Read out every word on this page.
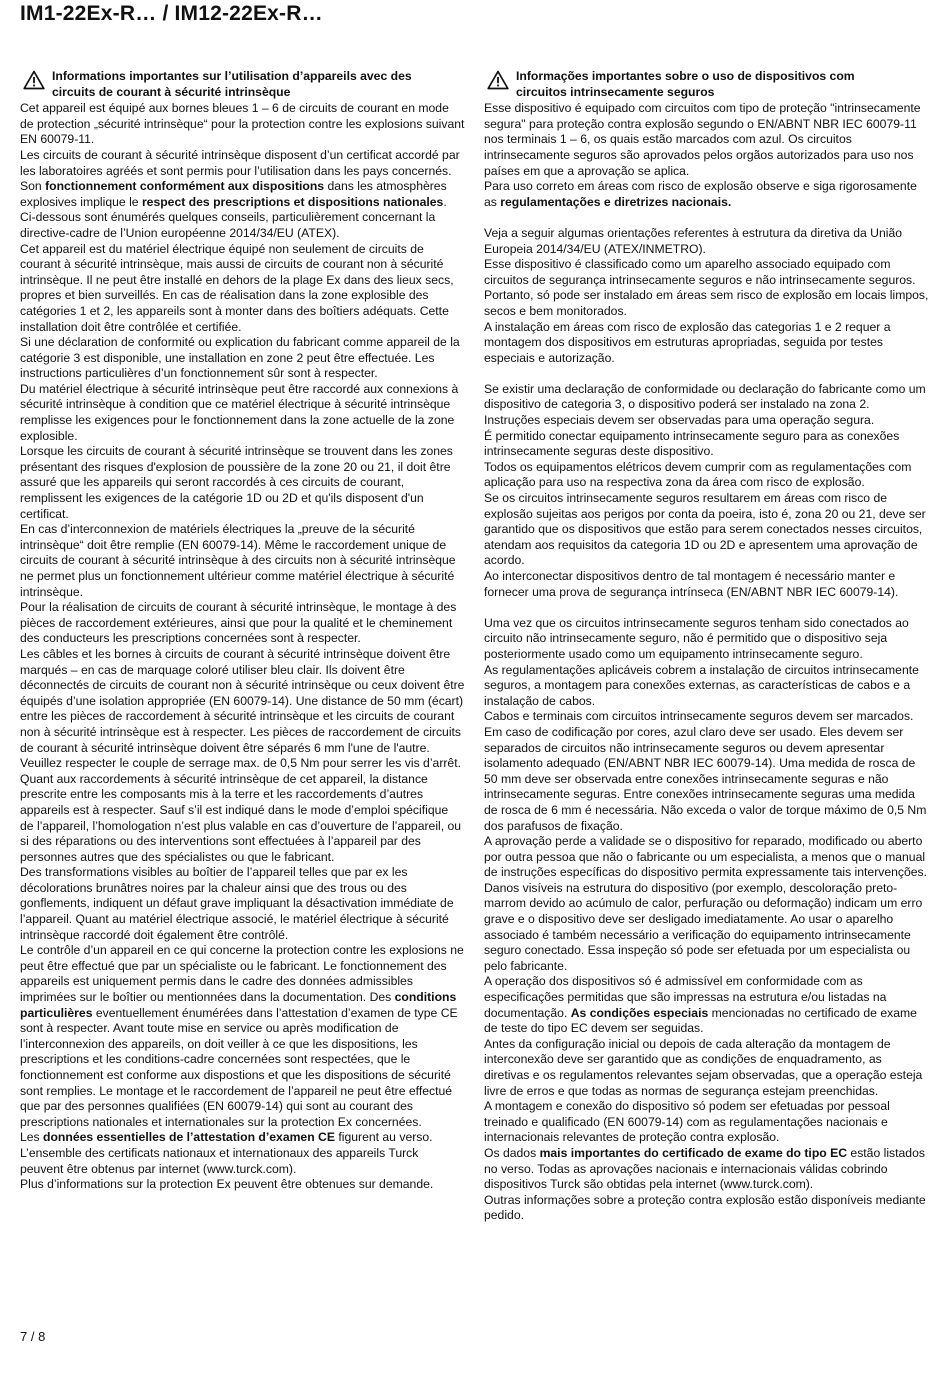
IM1-22Ex-R… / IM12-22Ex-R…
Informations importantes sur l’utilisation d’appareils avec des
circuits de courant à sécurité intrinsèque

Cet appareil est équipé aux bornes bleues 1 – 6 de circuits de courant en mode de protection „sécurité intrinsèque“ pour la protection contre les explosions suivant EN 60079-11.

Les circuits de courant à sécurité intrinsèque disposent d’un certificat accordé par les laboratoires agréés et sont permis pour l’utilisation dans les pays concernés.

Son fonctionnement conformément aux dispositions dans les atmosphères explosives implique le respect des prescriptions et dispositions nationales.

Ci-dessous sont énumérés quelques conseils, particulièrement concernant la directive-cadre de l’Union européenne 2014/34/EU (ATEX).

Cet appareil est du matériel électrique équipé non seulement de circuits de courant à sécurité intrinsèque, mais aussi de circuits de courant non à sécurité intrinsèque. Il ne peut être installé en dehors de la plage Ex dans des lieux secs, propres et bien surveillés. En cas de réalisation dans la zone explosible des catégories 1 et 2, les appareils sont à monter dans des boîtiers adéquats. Cette installation doit être contrôlée et certifiée.

Si une déclaration de conformité ou explication du fabricant comme appareil de la catégorie 3 est disponible, une installation en zone 2 peut être effectuée. Les instructions particulières d’un fonctionnement sûr sont à respecter.

Du matériel électrique à sécurité intrinsèque peut être raccordé aux connexions à sécurité intrinsèque à condition que ce matériel électrique à sécurité intrinsèque remplisse les exigences pour le fonctionnement dans la zone actuelle de la zone explosible.

Lorsque les circuits de courant à sécurité intrinsèque se trouvent dans les zones présentant des risques d'explosion de poussière de la zone 20 ou 21, il doit être assuré que les appareils qui seront raccordés à ces circuits de courant, remplissent les exigences de la catégorie 1D ou 2D et qu'ils disposent d'un certificat.

En cas d’interconnexion de matériels électriques la „preuve de la sécurité intrinsèque“ doit être remplie (EN 60079-14). Même le raccordement unique de circuits de courant à sécurité intrinsèque à des circuits non à sécurité intrinsèque ne permet plus un fonctionnement ultérieur comme matériel électrique à sécurité intrinsèque.

Pour la réalisation de circuits de courant à sécurité intrinsèque, le montage à des pièces de raccordement extérieures, ainsi que pour la qualité et le cheminement des conducteurs les prescriptions concernées sont à respecter.

Les câbles et les bornes à circuits de courant à sécurité intrinsèque doivent être marqués – en cas de marquage coloré utiliser bleu clair. Ils doivent être déconnectés de circuits de courant non à sécurité intrinsèque ou ceux doivent être équipés d’une isolation appropriée (EN 60079-14). Une distance de 50 mm (écart) entre les pièces de raccordement à sécurité intrinsèque et les circuits de courant non à sécurité intrinsèque est à respecter. Les pièces de raccordement de circuits de courant à sécurité intrinsèque doivent être séparés 6 mm l'une de l'autre.

Veuillez respecter le couple de serrage max. de 0,5 Nm pour serrer les vis d’arrêt.

Quant aux raccordements à sécurité intrinsèque de cet appareil, la distance prescrite entre les composants mis à la terre et les raccordements d’autres appareils est à respecter. Sauf s’il est indiqué dans le mode d’emploi spécifique de l’appareil, l’homologation n’est plus valable en cas d’ouverture de l’appareil, ou si des réparations ou des interventions sont effectuées à l’appareil par des personnes autres que des spécialistes ou que le fabricant.

Des transformations visibles au boîtier de l’appareil telles que par ex les décolorations brunâtres noires par la chaleur ainsi que des trous ou des gonflements, indiquent un défaut grave impliquant la désactivation immédiate de l’appareil. Quant au matériel électrique associé, le matériel électrique à sécurité intrinsèque raccordé doit également être contrôlé.

Le contrôle d’un appareil en ce qui concerne la protection contre les explosions ne peut être effectué que par un spécialiste ou le fabricant. Le fonctionnement des appareils est uniquement permis dans le cadre des données admissibles imprimées sur le boîtier ou mentionnées dans la documentation. Des conditions particulières eventuellement énumérées dans l’attestation d’examen de type CE sont à respecter. Avant toute mise en service ou après modification de l’interconnexion des appareils, on doit veiller à ce que les dispositions, les prescriptions et les conditions-cadre concernées sont respectées, que le fonctionnement est conforme aux dispostions et que les dispositions de sécurité sont remplies. Le montage et le raccordement de l’appareil ne peut être effectué que par des personnes qualifiées (EN 60079-14) qui sont au courant des prescriptions nationales et internationales sur la protection Ex concernées.

Les données essentielles de l’attestation d’examen CE figurent au verso. L’ensemble des certificats nationaux et internationaux des appareils Turck peuvent être obtenus par internet (www.turck.com).

Plus d’informations sur la protection Ex peuvent être obtenues sur demande.

Informações importantes sobre o uso de dispositivos com
circuitos intrinsecamente seguros

Esse dispositivo é equipado com circuitos com tipo de proteção "intrinsecamente segura" para proteção contra explosão segundo o EN/ABNT NBR IEC 60079-11 nos terminais 1 – 6, os quais estão marcados com azul. Os circuitos intrinsecamente seguros são aprovados pelos orgãos autorizados para uso nos países em que a aprovação se aplica.

Para uso correto em áreas com risco de explosão observe e siga rigorosamente as regulamentações e diretrizes nacionais.

Veja a seguir algumas orientações referentes à estrutura da diretiva da União Europeia 2014/34/EU (ATEX/INMETRO).

Esse dispositivo é classificado como um aparelho associado equipado com circuitos de segurança intrinsecamente seguros e não intrinsecamente seguros. Portanto, só pode ser instalado em áreas sem risco de explosão em locais limpos, secos e bem monitorados.

A instalação em áreas com risco de explosão das categorias 1 e 2 requer a montagem dos dispositivos em estruturas apropriadas, seguida por testes especiais e autorização.

Se existir uma declaração de conformidade ou declaração do fabricante como um dispositivo de categoria 3, o dispositivo poderá ser instalado na zona 2. Instruções especiais devem ser observadas para uma operação segura.

É permitido conectar equipamento intrinsecamente seguro para as conexões intrinsecamente seguras deste dispositivo.

Todos os equipamentos elétricos devem cumprir com as regulamentações com aplicação para uso na respectiva zona da área com risco de explosão.

Se os circuitos intrinsecamente seguros resultarem em áreas com risco de explosão sujeitas aos perigos por conta da poeira, isto é, zona 20 ou 21, deve ser garantido que os dispositivos que estão para serem conectados nesses circuitos, atendam aos requisitos da categoria 1D ou 2D e apresentem uma aprovação de acordo.

Ao interconectar dispositivos dentro de tal montagem é necessário manter e fornecer uma prova de segurança intrínseca (EN/ABNT NBR IEC 60079-14).

Uma vez que os circuitos intrinsecamente seguros tenham sido conectados ao circuito não intrinsecamente seguro, não é permitido que o dispositivo seja posteriormente usado como um equipamento intrinsecamente seguro.

As regulamentações aplicáveis cobrem a instalação de circuitos intrinsecamente seguros, a montagem para conexões externas, as características de cabos e a instalação de cabos.

Cabos e terminais com circuitos intrinsecamente seguros devem ser marcados. Em caso de codificação por cores, azul claro deve ser usado. Eles devem ser separados de circuitos não intrinsecamente seguros ou devem apresentar isolamento adequado (EN/ABNT NBR IEC 60079-14). Uma medida de rosca de 50 mm deve ser observada entre conexões intrinsecamente seguras e não intrinsecamente seguras. Entre conexões intrinsecamente seguras uma medida de rosca de 6 mm é necessária. Não exceda o valor de torque máximo de 0,5 Nm dos parafusos de fixação.

A aprovação perde a validade se o dispositivo for reparado, modificado ou aberto por outra pessoa que não o fabricante ou um especialista, a menos que o manual de instruções específicas do dispositivo permita expressamente tais intervenções.

Danos visíveis na estrutura do dispositivo (por exemplo, descoloração preto-marrom devido ao acúmulo de calor, perfuração ou deformação) indicam um erro grave e o dispositivo deve ser desligado imediatamente. Ao usar o aparelho associado é também necessário a verificação do equipamento intrinsecamente seguro conectado. Essa inspeção só pode ser efetuada por um especialista ou pelo fabricante.

A operação dos dispositivos só é admissível em conformidade com as especificações permitidas que são impressas na estrutura e/ou listadas na documentação. As condições especiais mencionadas no certificado de exame de teste do tipo EC devem ser seguidas.

Antes da configuração inicial ou depois de cada alteração da montagem de interconexão deve ser garantido que as condições de enquadramento, as diretivas e os regulamentos relevantes sejam observadas, que a operação esteja livre de erros e que todas as normas de segurança estejam preenchidas.

A montagem e conexão do dispositivo só podem ser efetuadas por pessoal treinado e qualificado (EN 60079-14) com as regulamentações nacionais e internacionais relevantes de proteção contra explosão.

Os dados mais importantes do certificado de exame do tipo EC estão listados no verso. Todas as aprovações nacionais e internacionais válidas cobrindo dispositivos Turck são obtidas pela internet (www.turck.com).

Outras informações sobre a proteção contra explosão estão disponíveis mediante pedido.

7 / 8
